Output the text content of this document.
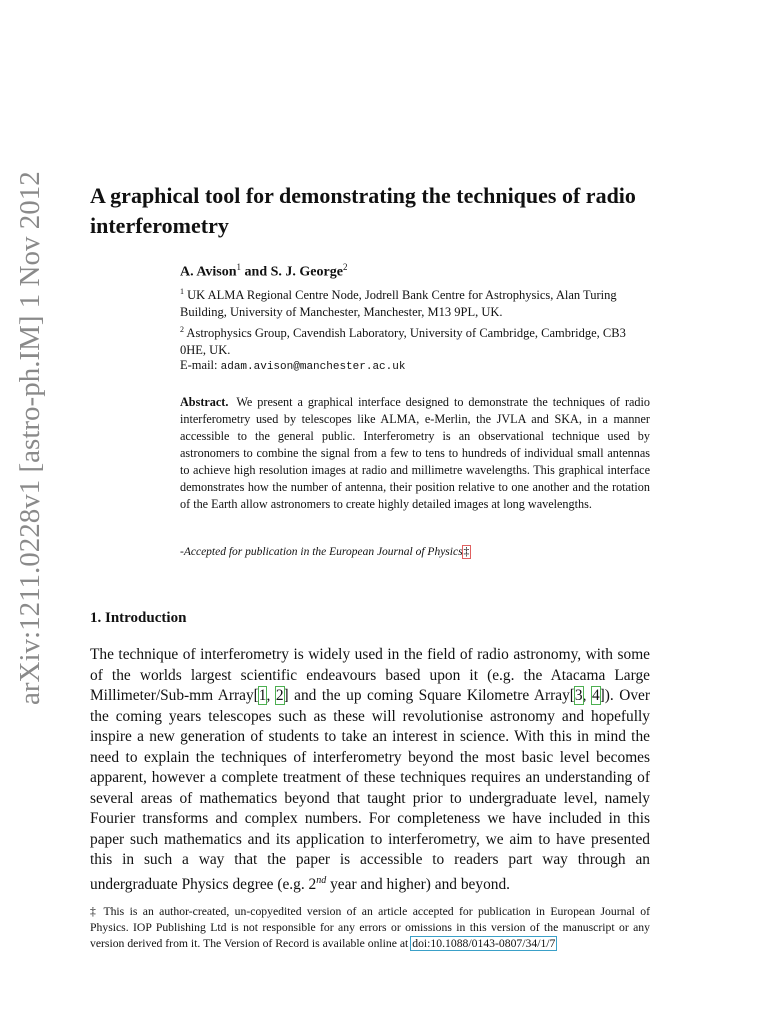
arXiv:1211.0228v1 [astro-ph.IM] 1 Nov 2012	A graphical tool for demonstrating the techniques of radio interferometry
A. Avison$^1$ and S. J. George$^2$

$^1$ UK ALMA Regional Centre Node, Jodrell Bank Centre for Astrophysics, Alan Turing Building, University of Manchester, Manchester, M13 9PL, UK.

$^2$ Astrophysics Group, Cavendish Laboratory, University of Cambridge, Cambridge, CB3 0HE, UK.

E-mail: adam.avison@manchester.ac.uk

Abstract. We present a graphical interface designed to demonstrate the techniques of radio interferometry used by telescopes like ALMA, e-Merlin, the JVLA and SKA, in a manner accessible to the general public. Interferometry is an observational technique used by astronomers to combine the signal from a few to tens to hundreds of individual small antennas to achieve high resolution images at radio and millimetre wavelengths. This graphical interface demonstrates how the number of antenna, their position relative to one another and the rotation of the Earth allow astronomers to create highly detailed images at long wavelengths.

-Accepted for publication in the European Journal of Physics‡
1. Introduction

The technique of interferometry is widely used in the field of radio astronomy, with some of the worlds largest scientific endeavours based upon it (e.g. the Atacama Large Millimeter/Sub-mm Array[1, 2] and the up coming Square Kilometre Array[3, 4]). Over the coming years telescopes such as these will revolutionise astronomy and hopefully inspire a new generation of students to take an interest in science. With this in mind the need to explain the techniques of interferometry beyond the most basic level becomes apparent, however a complete treatment of these techniques requires an understanding of several areas of mathematics beyond that taught prior to undergraduate level, namely Fourier transforms and complex numbers. For completeness we have included in this paper such mathematics and its application to interferometry, we aim to have presented this in such a way that the paper is accessible to readers part way through an undergraduate Physics degree (e.g. 2nd year and higher) and beyond.

‡ This is an author-created, un-copyedited version of an article accepted for publication in European Journal of Physics. IOP Publishing Ltd is not responsible for any errors or omissions in this version of the manuscript or any version derived from it. The Version of Record is available online at doi:10.1088/0143-0807/34/1/7
